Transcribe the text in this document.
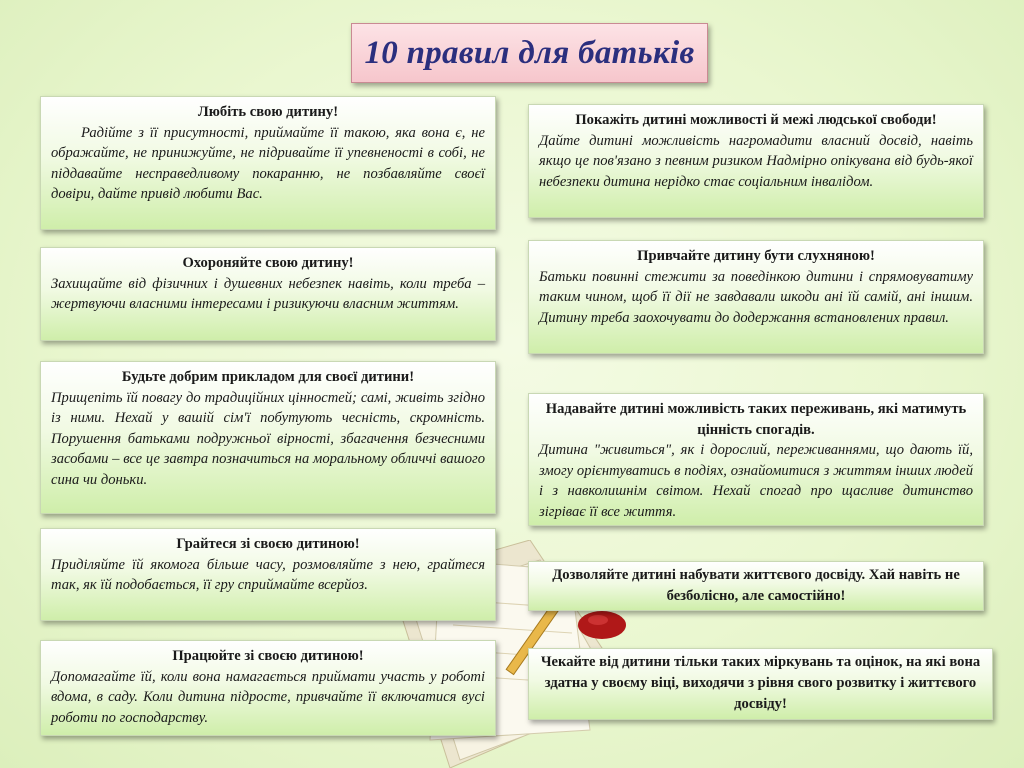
10 правил для батьків
Любіть свою дитину!
Радійте з її присутності, приймайте її такою, яка вона є, не ображайте, не принижуйте, не підривайте її упевненості в собі, не піддавайте несправедливому покаранню, не позбавляйте своєї довіри, дайте привід любити Вас.
Охороняйте свою дитину!
Захищайте від фізичних і душевних небезпек навіть, коли треба – жертвуючи власними інтересами і ризикуючи власним життям.
Будьте добрим прикладом для своєї дитини!
Прищепіть їй повагу до традиційних цінностей; самі, живіть згідно із ними. Нехай у вашій сім'ї побутують чесність, скромність. Порушення батьками подружньої вірності, збагачення безчесними засобами – все це завтра позначиться на моральному обличчі вашого сина чи доньки.
Грайтеся зі своєю дитиною!
Приділяйте їй якомога більше часу, розмовляйте з нею, грайтеся так, як їй подобається, її гру сприймайте всерйоз.
Працюйте зі своєю дитиною!
Допомагайте їй, коли вона намагається приймати участь у роботі вдома, в саду. Коли дитина підросте, привчайте її включатися вусі роботи по господарству.
Покажіть дитині можливості й межі людської свободи!
Дайте дитині можливість нагромадити власний досвід, навіть якщо це пов'язано з певним ризиком Надмірно опікувана від будь-якої небезпеки дитина нерідко стає соціальним інвалідом.
Привчайте дитину бути слухняною!
Батьки повинні стежити за поведінкою дитини і спрямовуватиму таким чином, щоб її дії не завдавали шкоди ані їй самій, ані іншим. Дитину треба заохочувати до додержання встановлених правил.
Надавайте дитині можливість таких переживань, які матимуть цінність спогадів.
Дитина "живиться", як і дорослий, переживаннями, що дають їй, змогу орієнтуватись в подіях, ознайомитися з життям інших людей і з навколишнім світом. Нехай спогад про щасливе дитинство зігріває її все життя.
Дозволяйте дитині набувати життєвого досвіду. Хай навіть не безболісно, але самостійно!
Чекайте від дитини тільки таких міркувань та оцінок, на які вона здатна у своєму віці, виходячи з рівня свого розвитку і життєвого досвіду!
